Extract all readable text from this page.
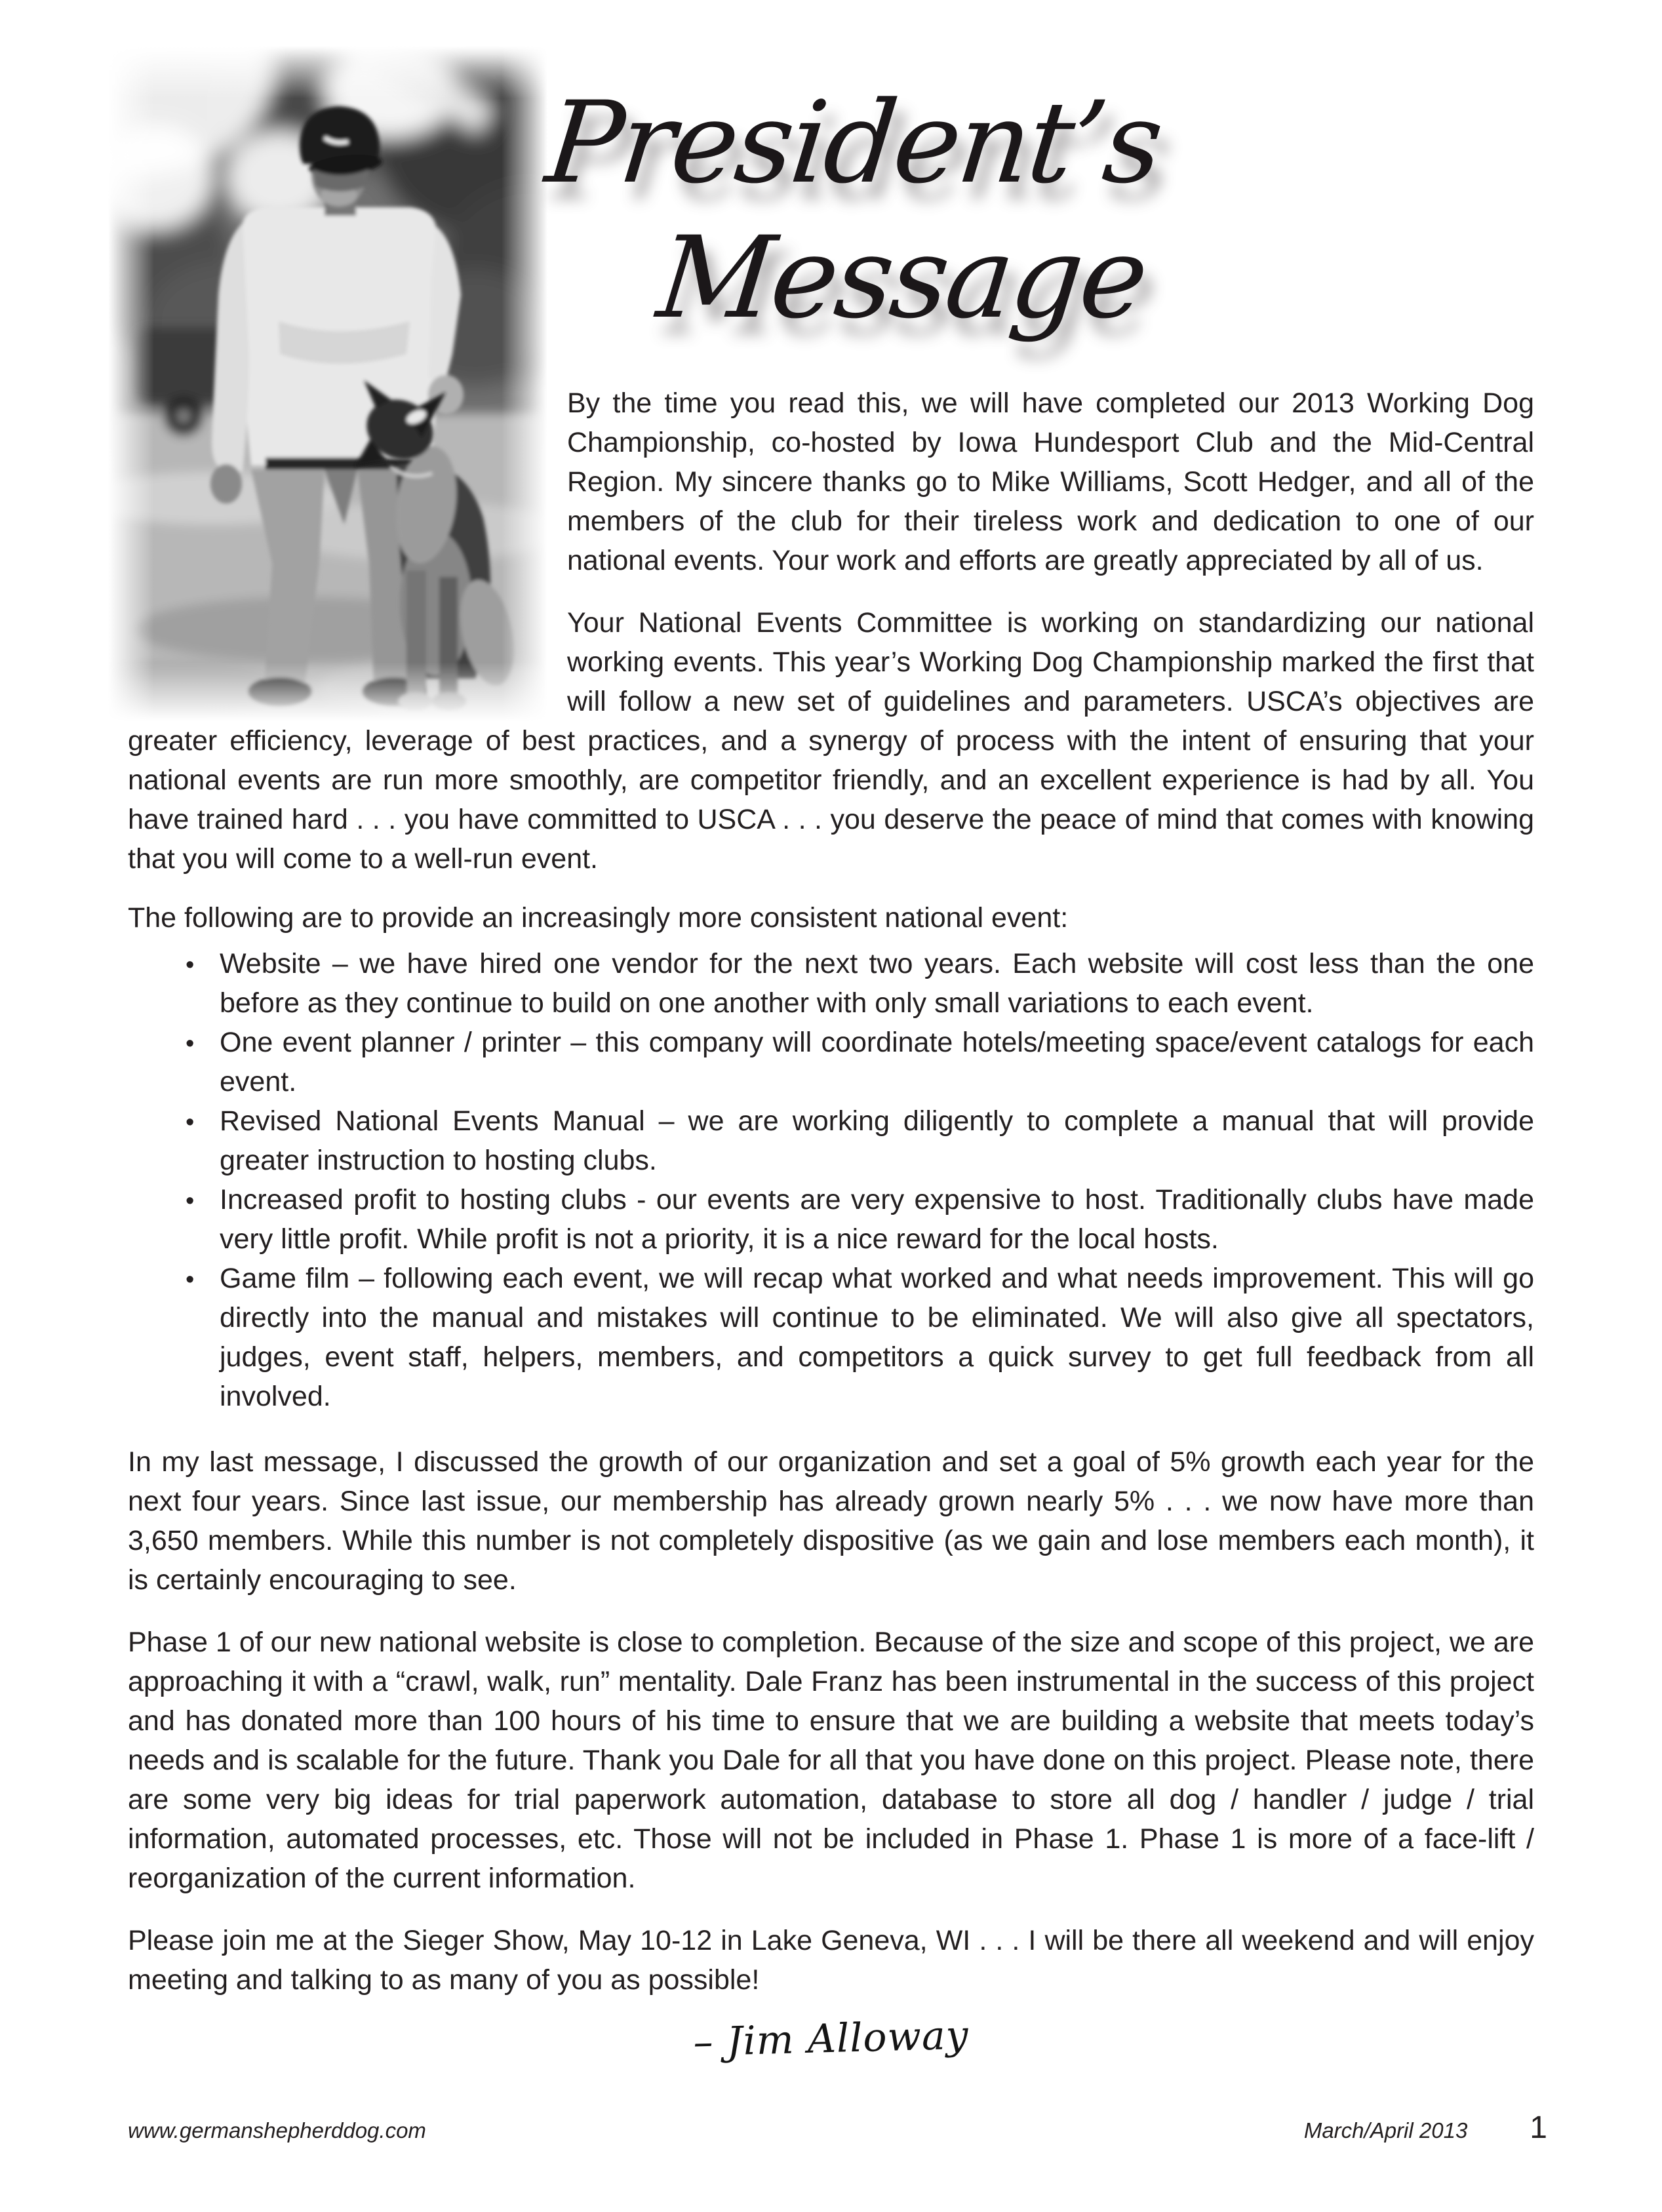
President’s
Message

By the time you read this, we will have completed our 2013 Working Dog Championship, co-hosted by Iowa Hundesport Club and the Mid-Central Region. My sincere thanks go to Mike Williams, Scott Hedger, and all of the members of the club for their tireless work and dedication to one of our national events. Your work and efforts are greatly appreciated by all of us.

Your National Events Committee is working on standardizing our national working events. This year’s Working Dog Championship marked the first that will follow a new set of guidelines and parameters. USCA’s objectives are greater efficiency, leverage of best practices, and a synergy of process with the intent of ensuring that your national events are run more smoothly, are competitor friendly, and an excellent experience is had by all. You have trained hard . . . you have committed to USCA . . . you deserve the peace of mind that comes with knowing that you will come to a well-run event.

The following are to provide an increasingly more consistent national event:

• Website – we have hired one vendor for the next two years. Each website will cost less than the one before as they continue to build on one another with only small variations to each event.
• One event planner / printer – this company will coordinate hotels/meeting space/event catalogs for each event.
• Revised National Events Manual – we are working diligently to complete a manual that will provide greater instruction to hosting clubs.
• Increased profit to hosting clubs - our events are very expensive to host. Traditionally clubs have made very little profit. While profit is not a priority, it is a nice reward for the local hosts.
• Game film – following each event, we will recap what worked and what needs improvement. This will go directly into the manual and mistakes will continue to be eliminated. We will also give all spectators, judges, event staff, helpers, members, and competitors a quick survey to get full feedback from all involved.

In my last message, I discussed the growth of our organization and set a goal of 5% growth each year for the next four years. Since last issue, our membership has already grown nearly 5% . . . we now have more than 3,650 members. While this number is not completely dispositive (as we gain and lose members each month), it is certainly encouraging to see.

Phase 1 of our new national website is close to completion. Because of the size and scope of this project, we are approaching it with a “crawl, walk, run” mentality. Dale Franz has been instrumental in the success of this project and has donated more than 100 hours of his time to ensure that we are building a website that meets today’s needs and is scalable for the future. Thank you Dale for all that you have done on this project. Please note, there are some very big ideas for trial paperwork automation, database to store all dog / handler / judge / trial information, automated processes, etc. Those will not be included in Phase 1. Phase 1 is more of a face-lift / reorganization of the current information.

Please join me at the Sieger Show, May 10-12 in Lake Geneva, WI . . . I will be there all weekend and will enjoy meeting and talking to as many of you as possible!

– Jim Alloway
www.germanshepherddog.com	March/April 2013 1
